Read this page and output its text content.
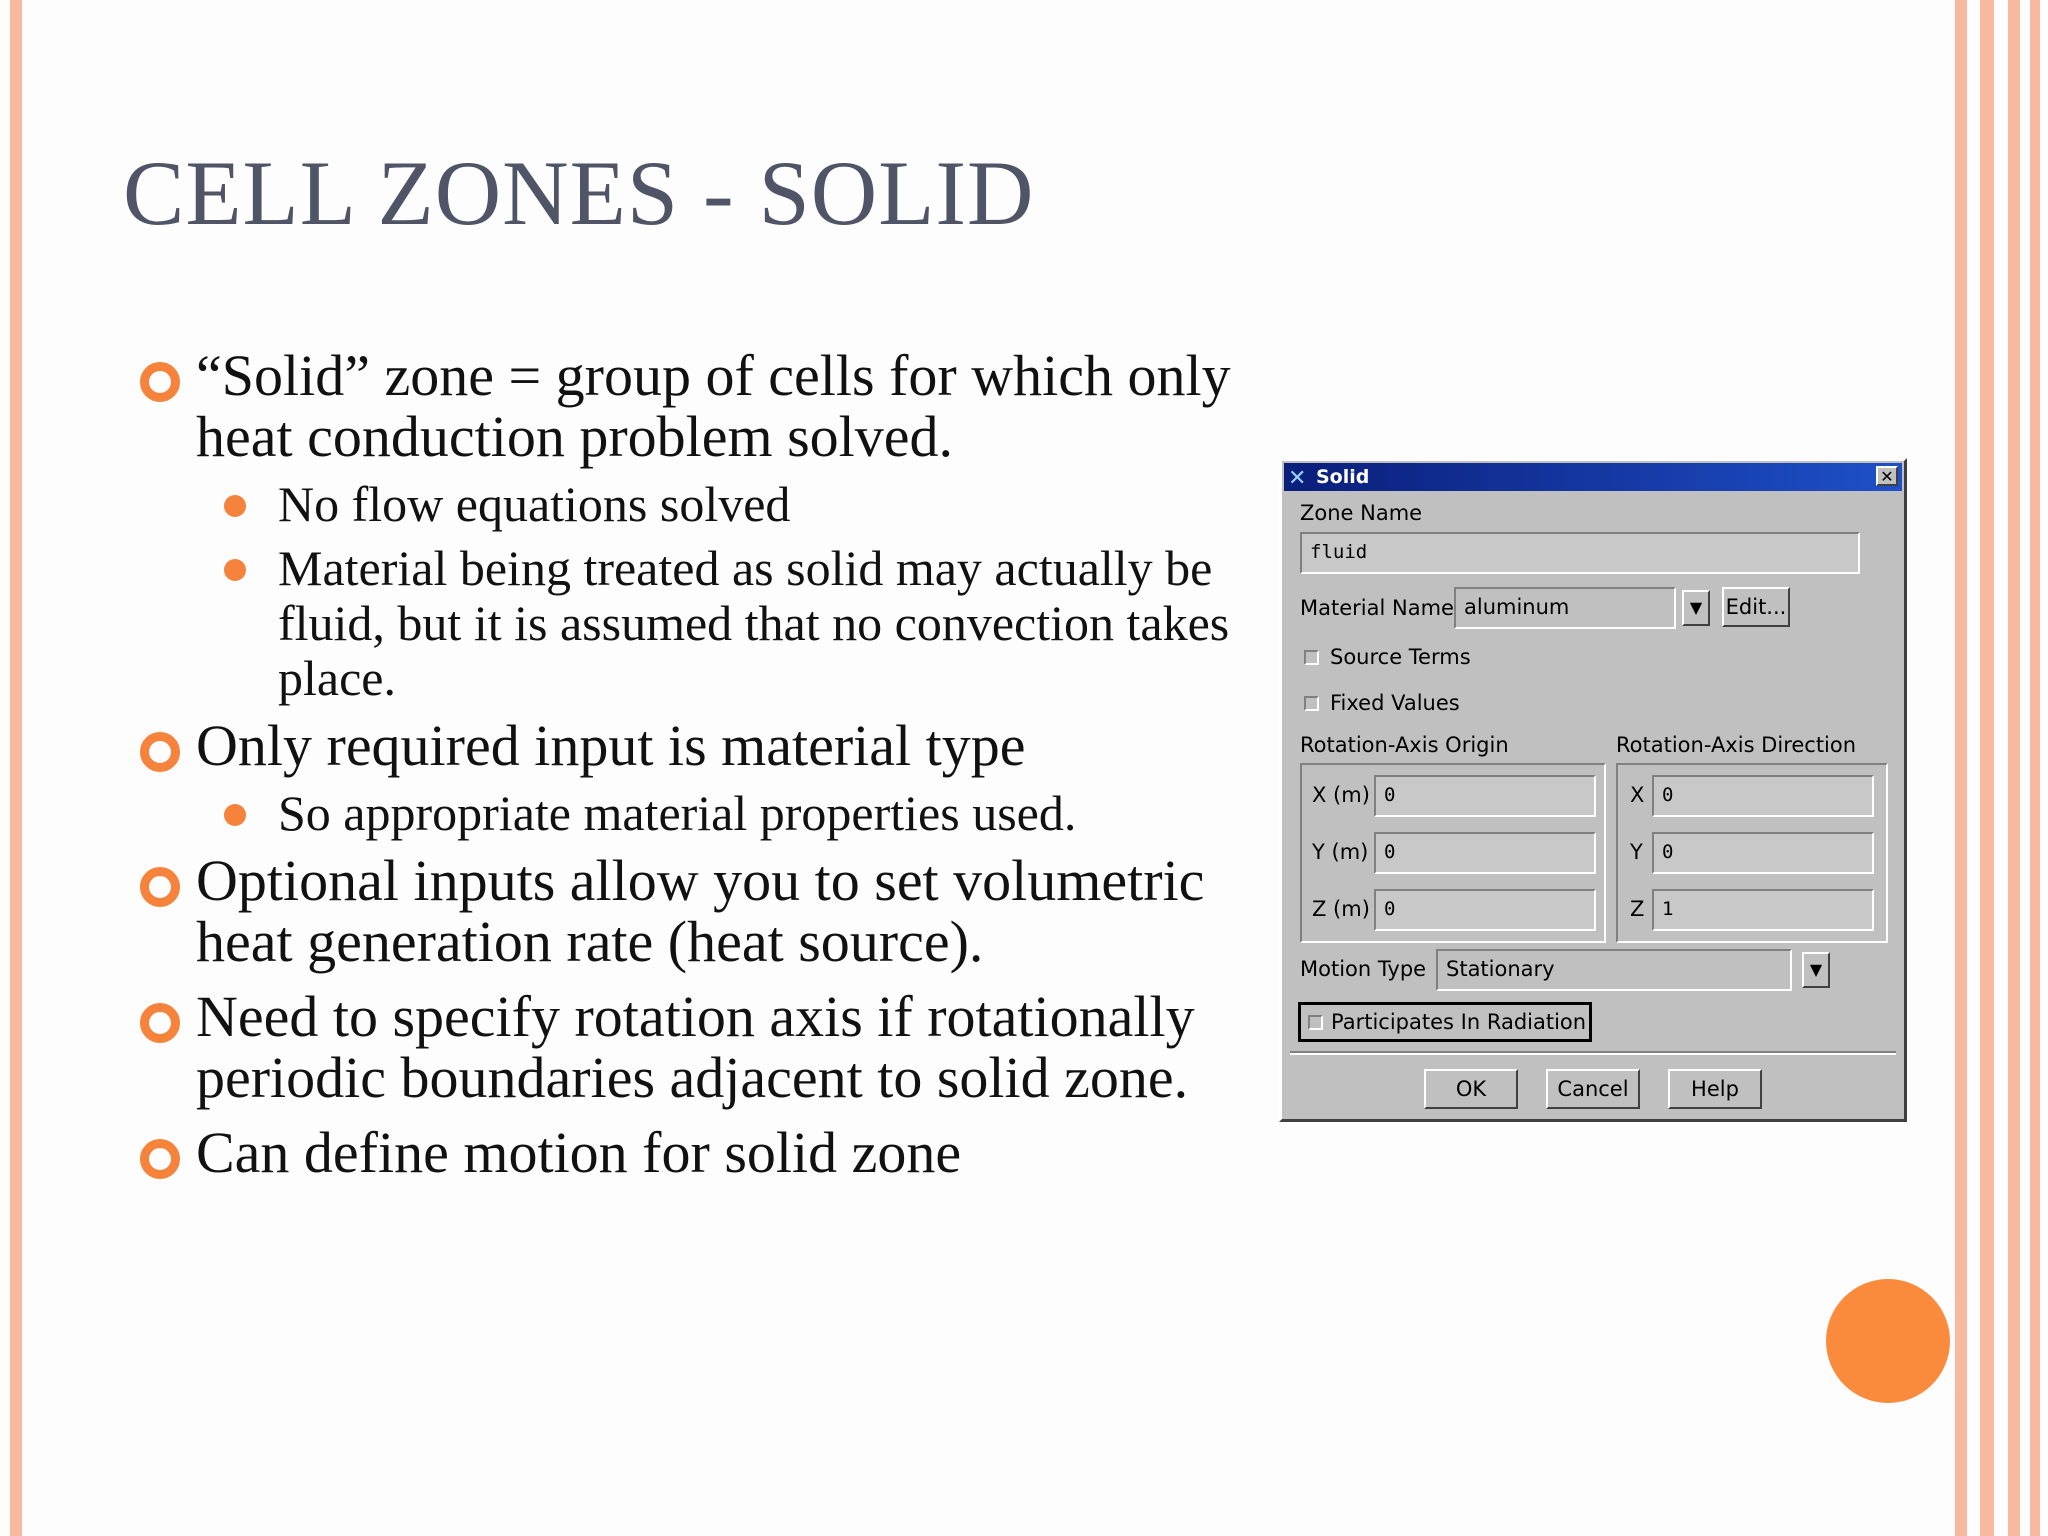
CELL ZONES - SOLID
“Solid” zone = group of cells for which only heat conduction problem solved.
No flow equations solved
Material being treated as solid may actually be fluid, but it is assumed that no convection takes place.
Only required input is material type
So appropriate material properties used.
Optional inputs allow you to set volumetric heat generation rate (heat source).
Need to specify rotation axis if rotationally periodic boundaries adjacent to solid zone.
Can define motion for solid zone
✕ Solid	✕
Zone Name
fluid
Material Name aluminum	▼	Edit...
Source Terms
Fixed Values
Rotation-Axis Origin	Rotation-Axis Direction
X (m) 0
Y (m) 0
Z (m) 0
X 0
Y	0
Z 1
Motion Type Stationary	▼
Participates In Radiation
OK	Cancel	Help
